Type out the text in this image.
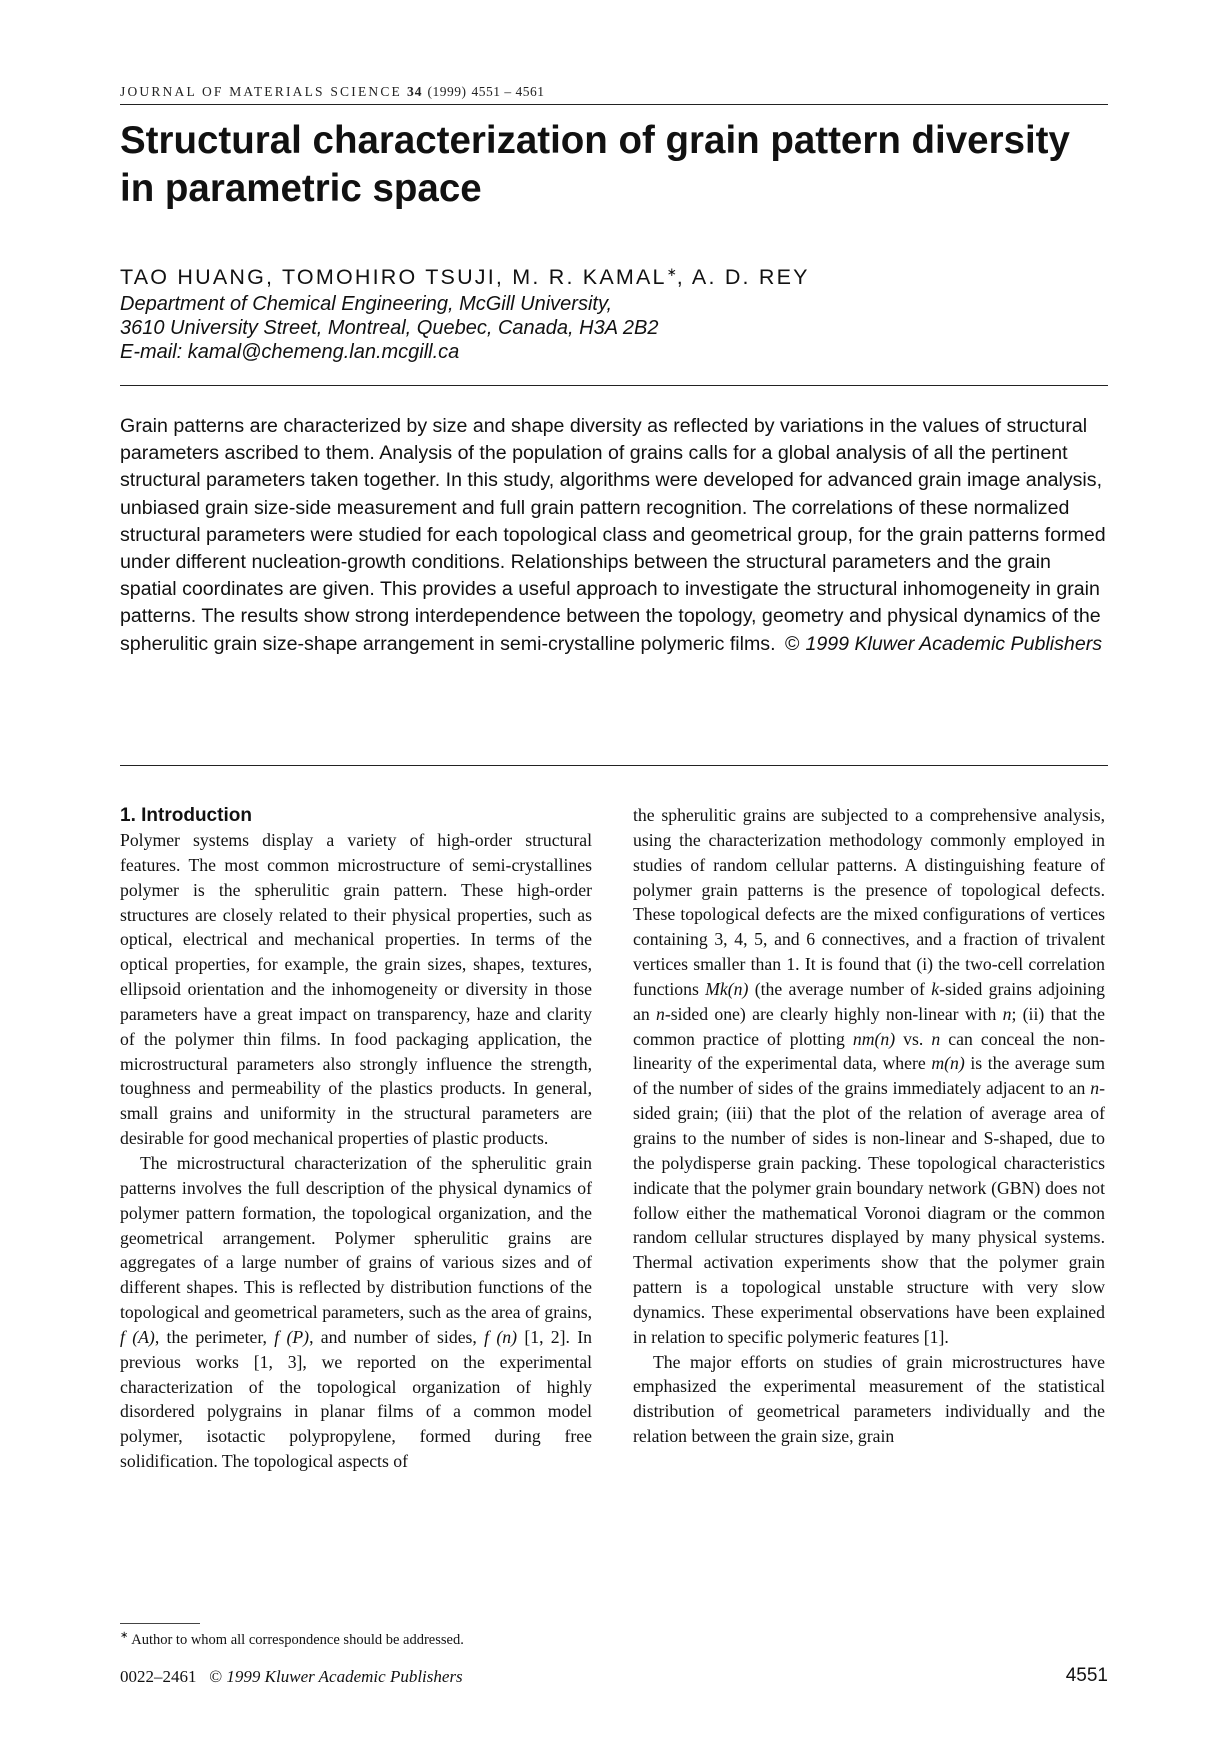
JOURNAL OF MATERIALS SCIENCE 34 (1999) 4551 – 4561
Structural characterization of grain pattern diversity in parametric space
TAO HUANG, TOMOHIRO TSUJI, M. R. KAMAL∗, A. D. REY
Department of Chemical Engineering, McGill University,
3610 University Street, Montreal, Quebec, Canada, H3A 2B2
E-mail: kamal@chemeng.lan.mcgill.ca

Grain patterns are characterized by size and shape diversity as reflected by variations in the values of structural parameters ascribed to them. Analysis of the population of grains calls for a global analysis of all the pertinent structural parameters taken together. In this study, algorithms were developed for advanced grain image analysis, unbiased grain size-side measurement and full grain pattern recognition. The correlations of these normalized structural parameters were studied for each topological class and geometrical group, for the grain patterns formed under different nucleation-growth conditions. Relationships between the structural parameters and the grain spatial coordinates are given. This provides a useful approach to investigate the structural inhomogeneity in grain patterns. The results show strong interdependence between the topology, geometry and physical dynamics of the spherulitic grain size-shape arrangement in semi-crystalline polymeric films. © 1999 Kluwer Academic Publishers

1. Introduction

Polymer systems display a variety of high-order structural features. The most common microstructure of semi-crystallines polymer is the spherulitic grain pattern. These high-order structures are closely related to their physical properties, such as optical, electrical and mechanical properties. In terms of the optical properties, for example, the grain sizes, shapes, textures, ellipsoid orientation and the inhomogeneity or diversity in those parameters have a great impact on transparency, haze and clarity of the polymer thin films. In food packaging application, the microstructural parameters also strongly influence the strength, toughness and permeability of the plastics products. In general, small grains and uniformity in the structural parameters are desirable for good mechanical properties of plastic products.

The microstructural characterization of the spherulitic grain patterns involves the full description of the physical dynamics of polymer pattern formation, the topological organization, and the geometrical arrangement. Polymer spherulitic grains are aggregates of a large number of grains of various sizes and of different shapes. This is reflected by distribution functions of the topological and geometrical parameters, such as the area of grains, f (A), the perimeter, f (P), and number of sides, f (n) [1, 2]. In previous works [1, 3], we reported on the experimental characterization of the topological organization of highly disordered polygrains in planar films of a common model polymer, isotactic polypropylene, formed during free solidification. The topological aspects of

the spherulitic grains are subjected to a comprehensive analysis, using the characterization methodology commonly employed in studies of random cellular patterns. A distinguishing feature of polymer grain patterns is the presence of topological defects. These topological defects are the mixed configurations of vertices containing 3, 4, 5, and 6 connectives, and a fraction of trivalent vertices smaller than 1. It is found that (i) the two-cell correlation functions Mk(n) (the average number of k-sided grains adjoining an n-sided one) are clearly highly non-linear with n; (ii) that the common practice of plotting nm(n) vs. n can conceal the non-linearity of the experimental data, where m(n) is the average sum of the number of sides of the grains immediately adjacent to an n-sided grain; (iii) that the plot of the relation of average area of grains to the number of sides is non-linear and S-shaped, due to the polydisperse grain packing. These topological characteristics indicate that the polymer grain boundary network (GBN) does not follow either the mathematical Voronoi diagram or the common random cellular structures displayed by many physical systems. Thermal activation experiments show that the polymer grain pattern is a topological unstable structure with very slow dynamics. These experimental observations have been explained in relation to specific polymeric features [1].

The major efforts on studies of grain microstructures have emphasized the experimental measurement of the statistical distribution of geometrical parameters individually and the relation between the grain size, grain

∗ Author to whom all correspondence should be addressed.
0022–2461 © 1999 Kluwer Academic Publishers	4551
